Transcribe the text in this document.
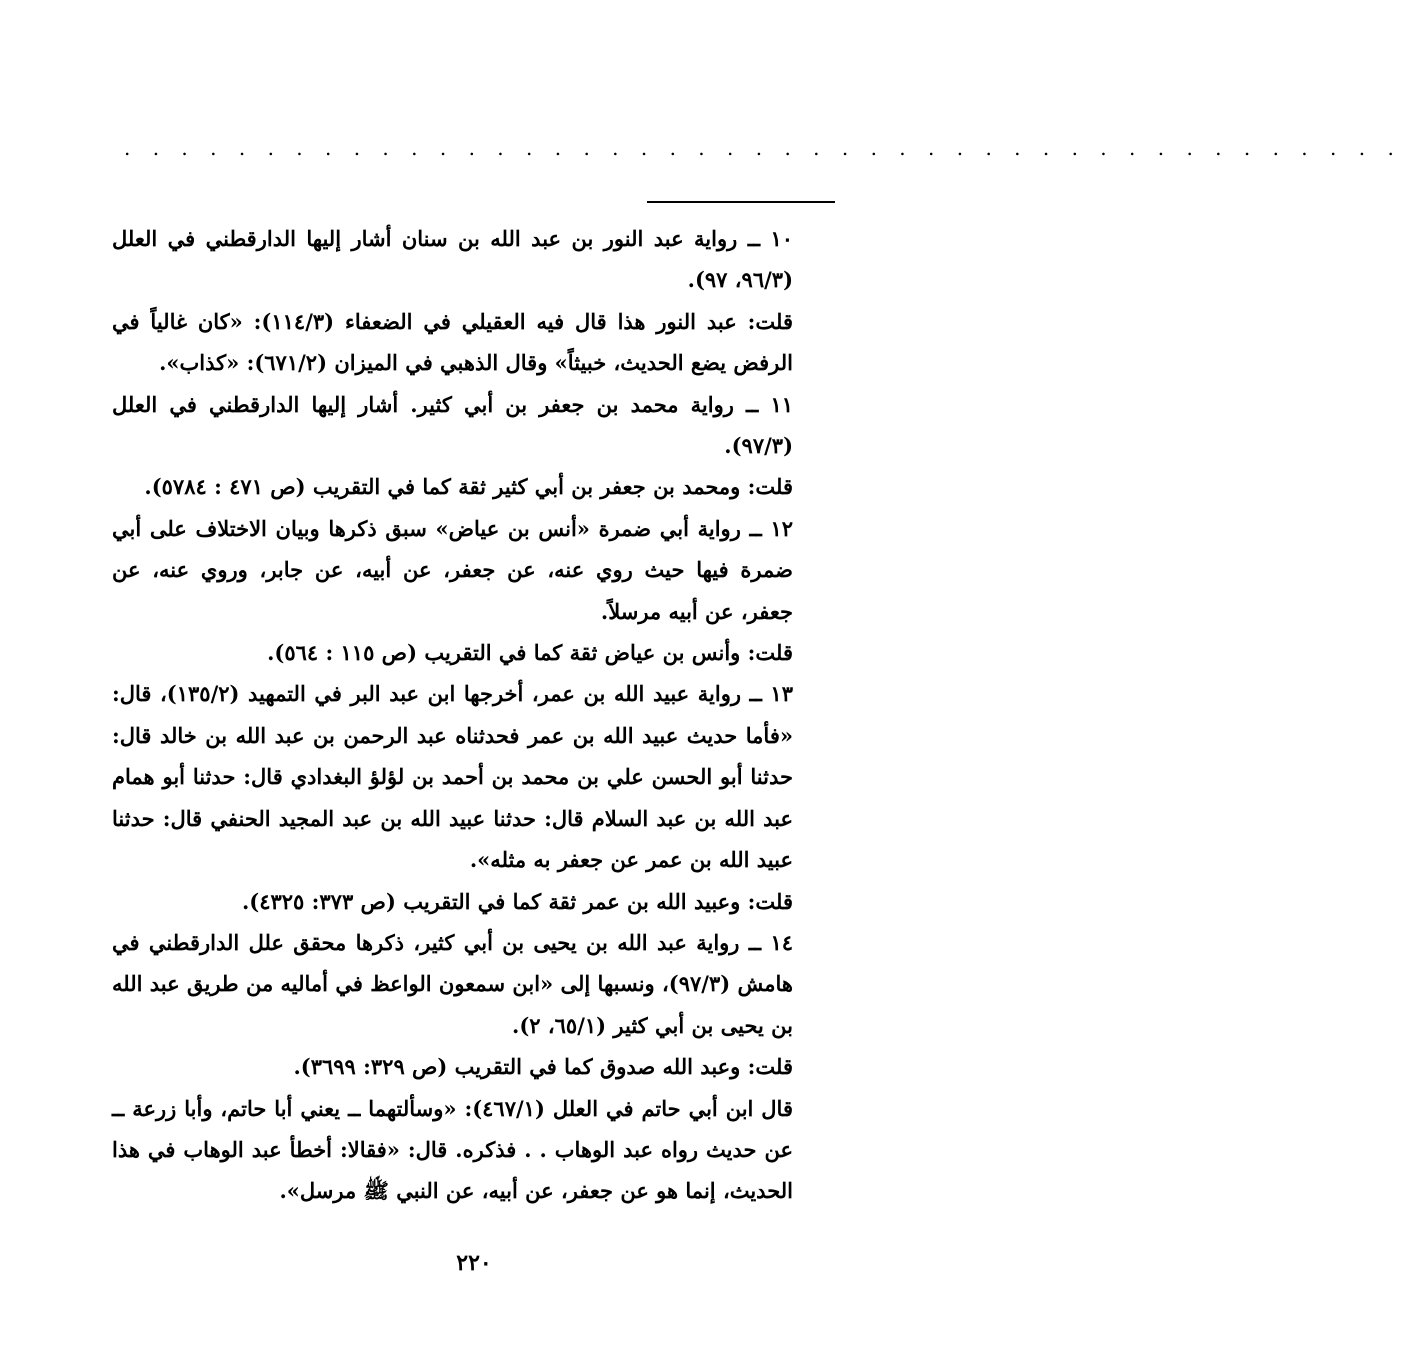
. . . . . . . . . . . . . . . . . . . . . . . . . . . . . . . . . . . . . . . . . . . . .

١٠ ــ رواية عبد النور بن عبد الله بن سنان أشار إليها الدارقطني في العلل (٩٦/٣، ٩٧).

قلت: عبد النور هذا قال فيه العقيلي في الضعفاء (١١٤/٣): «كان غالياً في الرفض يضع الحديث، خبيثاً» وقال الذهبي في الميزان (٦٧١/٢): «كذاب».

١١ ــ رواية محمد بن جعفر بن أبي كثير. أشار إليها الدارقطني في العلل (٩٧/٣).

قلت: ومحمد بن جعفر بن أبي كثير ثقة كما في التقريب (ص ٤٧١ : ٥٧٨٤).

١٢ ــ رواية أبي ضمرة «أنس بن عياض» سبق ذكرها وبيان الاختلاف على أبي ضمرة فيها حيث روي عنه، عن جعفر، عن أبيه، عن جابر، وروي عنه، عن جعفر، عن أبيه مرسلاً.

قلت: وأنس بن عياض ثقة كما في التقريب (ص ١١٥ : ٥٦٤).

١٣ ــ رواية عبيد الله بن عمر، أخرجها ابن عبد البر في التمهيد (١٣٥/٢)، قال: «فأما حديث عبيد الله بن عمر فحدثناه عبد الرحمن بن عبد الله بن خالد قال: حدثنا أبو الحسن علي بن محمد بن أحمد بن لؤلؤ البغدادي قال: حدثنا أبو همام عبد الله بن عبد السلام قال: حدثنا عبيد الله بن عبد المجيد الحنفي قال: حدثنا عبيد الله بن عمر عن جعفر به مثله».

قلت: وعبيد الله بن عمر ثقة كما في التقريب (ص ٣٧٣: ٤٣٢٥).

١٤ ــ رواية عبد الله بن يحيى بن أبي كثير، ذكرها محقق علل الدارقطني في هامش (٩٧/٣)، ونسبها إلى «ابن سمعون الواعظ في أماليه من طريق عبد الله بن يحيى بن أبي كثير (٦٥/١، ٢).

قلت: وعبد الله صدوق كما في التقريب (ص ٣٢٩: ٣٦٩٩).

قال ابن أبي حاتم في العلل (٤٦٧/١): «وسألتهما ــ يعني أبا حاتم، وأبا زرعة ــ عن حديث رواه عبد الوهاب . . فذكره. قال: «فقالا: أخطأ عبد الوهاب في هذا الحديث، إنما هو عن جعفر، عن أبيه، عن النبي ﷺ مرسل».

٢٢٠
